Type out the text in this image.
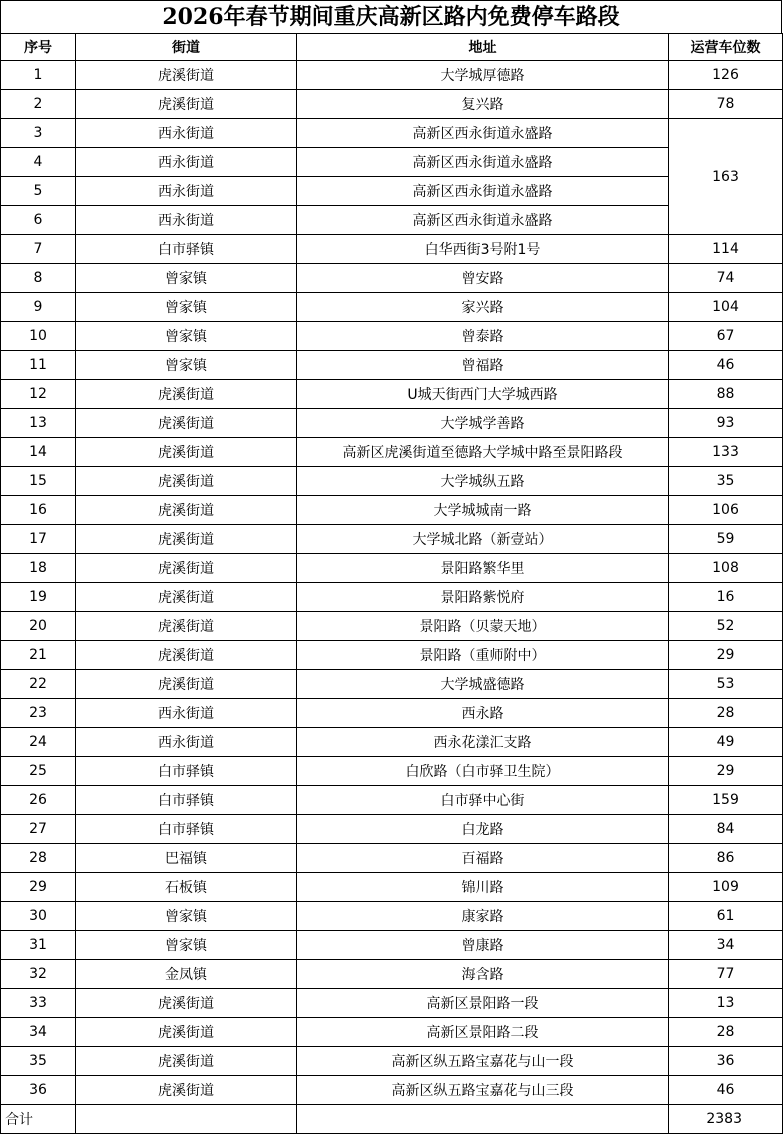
2026年春节期间重庆高新区路内免费停车路段
序号	街道	地址	运营车位数
1	虎溪街道	大学城厚德路	126
2	虎溪街道	复兴路	78
3	西永街道	高新区西永街道永盛路	163
4	西永街道	高新区西永街道永盛路	
5	西永街道	高新区西永街道永盛路	
6	西永街道	高新区西永街道永盛路	
7	白市驿镇	白华西街3号附1号	114
8	曾家镇	曾安路	74
9	曾家镇	家兴路	104
10	曾家镇	曾泰路	67
11	曾家镇	曾福路	46
12	虎溪街道	U城天街西门大学城西路	88
13	虎溪街道	大学城学善路	93
14	虎溪街道	高新区虎溪街道至德路大学城中路至景阳路段	133
15	虎溪街道	大学城纵五路	35
16	虎溪街道	大学城城南一路	106
17	虎溪街道	大学城北路（新壹站）	59
18	虎溪街道	景阳路繁华里	108
19	虎溪街道	景阳路紫悦府	16
20	虎溪街道	景阳路（贝蒙天地）	52
21	虎溪街道	景阳路（重师附中）	29
22	虎溪街道	大学城盛德路	53
23	西永街道	西永路	28
24	西永街道	西永花漾汇支路	49
25	白市驿镇	白欣路（白市驿卫生院）	29
26	白市驿镇	白市驿中心街	159
27	白市驿镇	白龙路	84
28	巴福镇	百福路	86
29	石板镇	锦川路	109
30	曾家镇	康家路	61
31	曾家镇	曾康路	34
32	金凤镇	海含路	77
33	虎溪街道	高新区景阳路一段	13
34	虎溪街道	高新区景阳路二段	28
35	虎溪街道	高新区纵五路宝嘉花与山一段	36
36	虎溪街道	高新区纵五路宝嘉花与山三段	46
合计			2383
